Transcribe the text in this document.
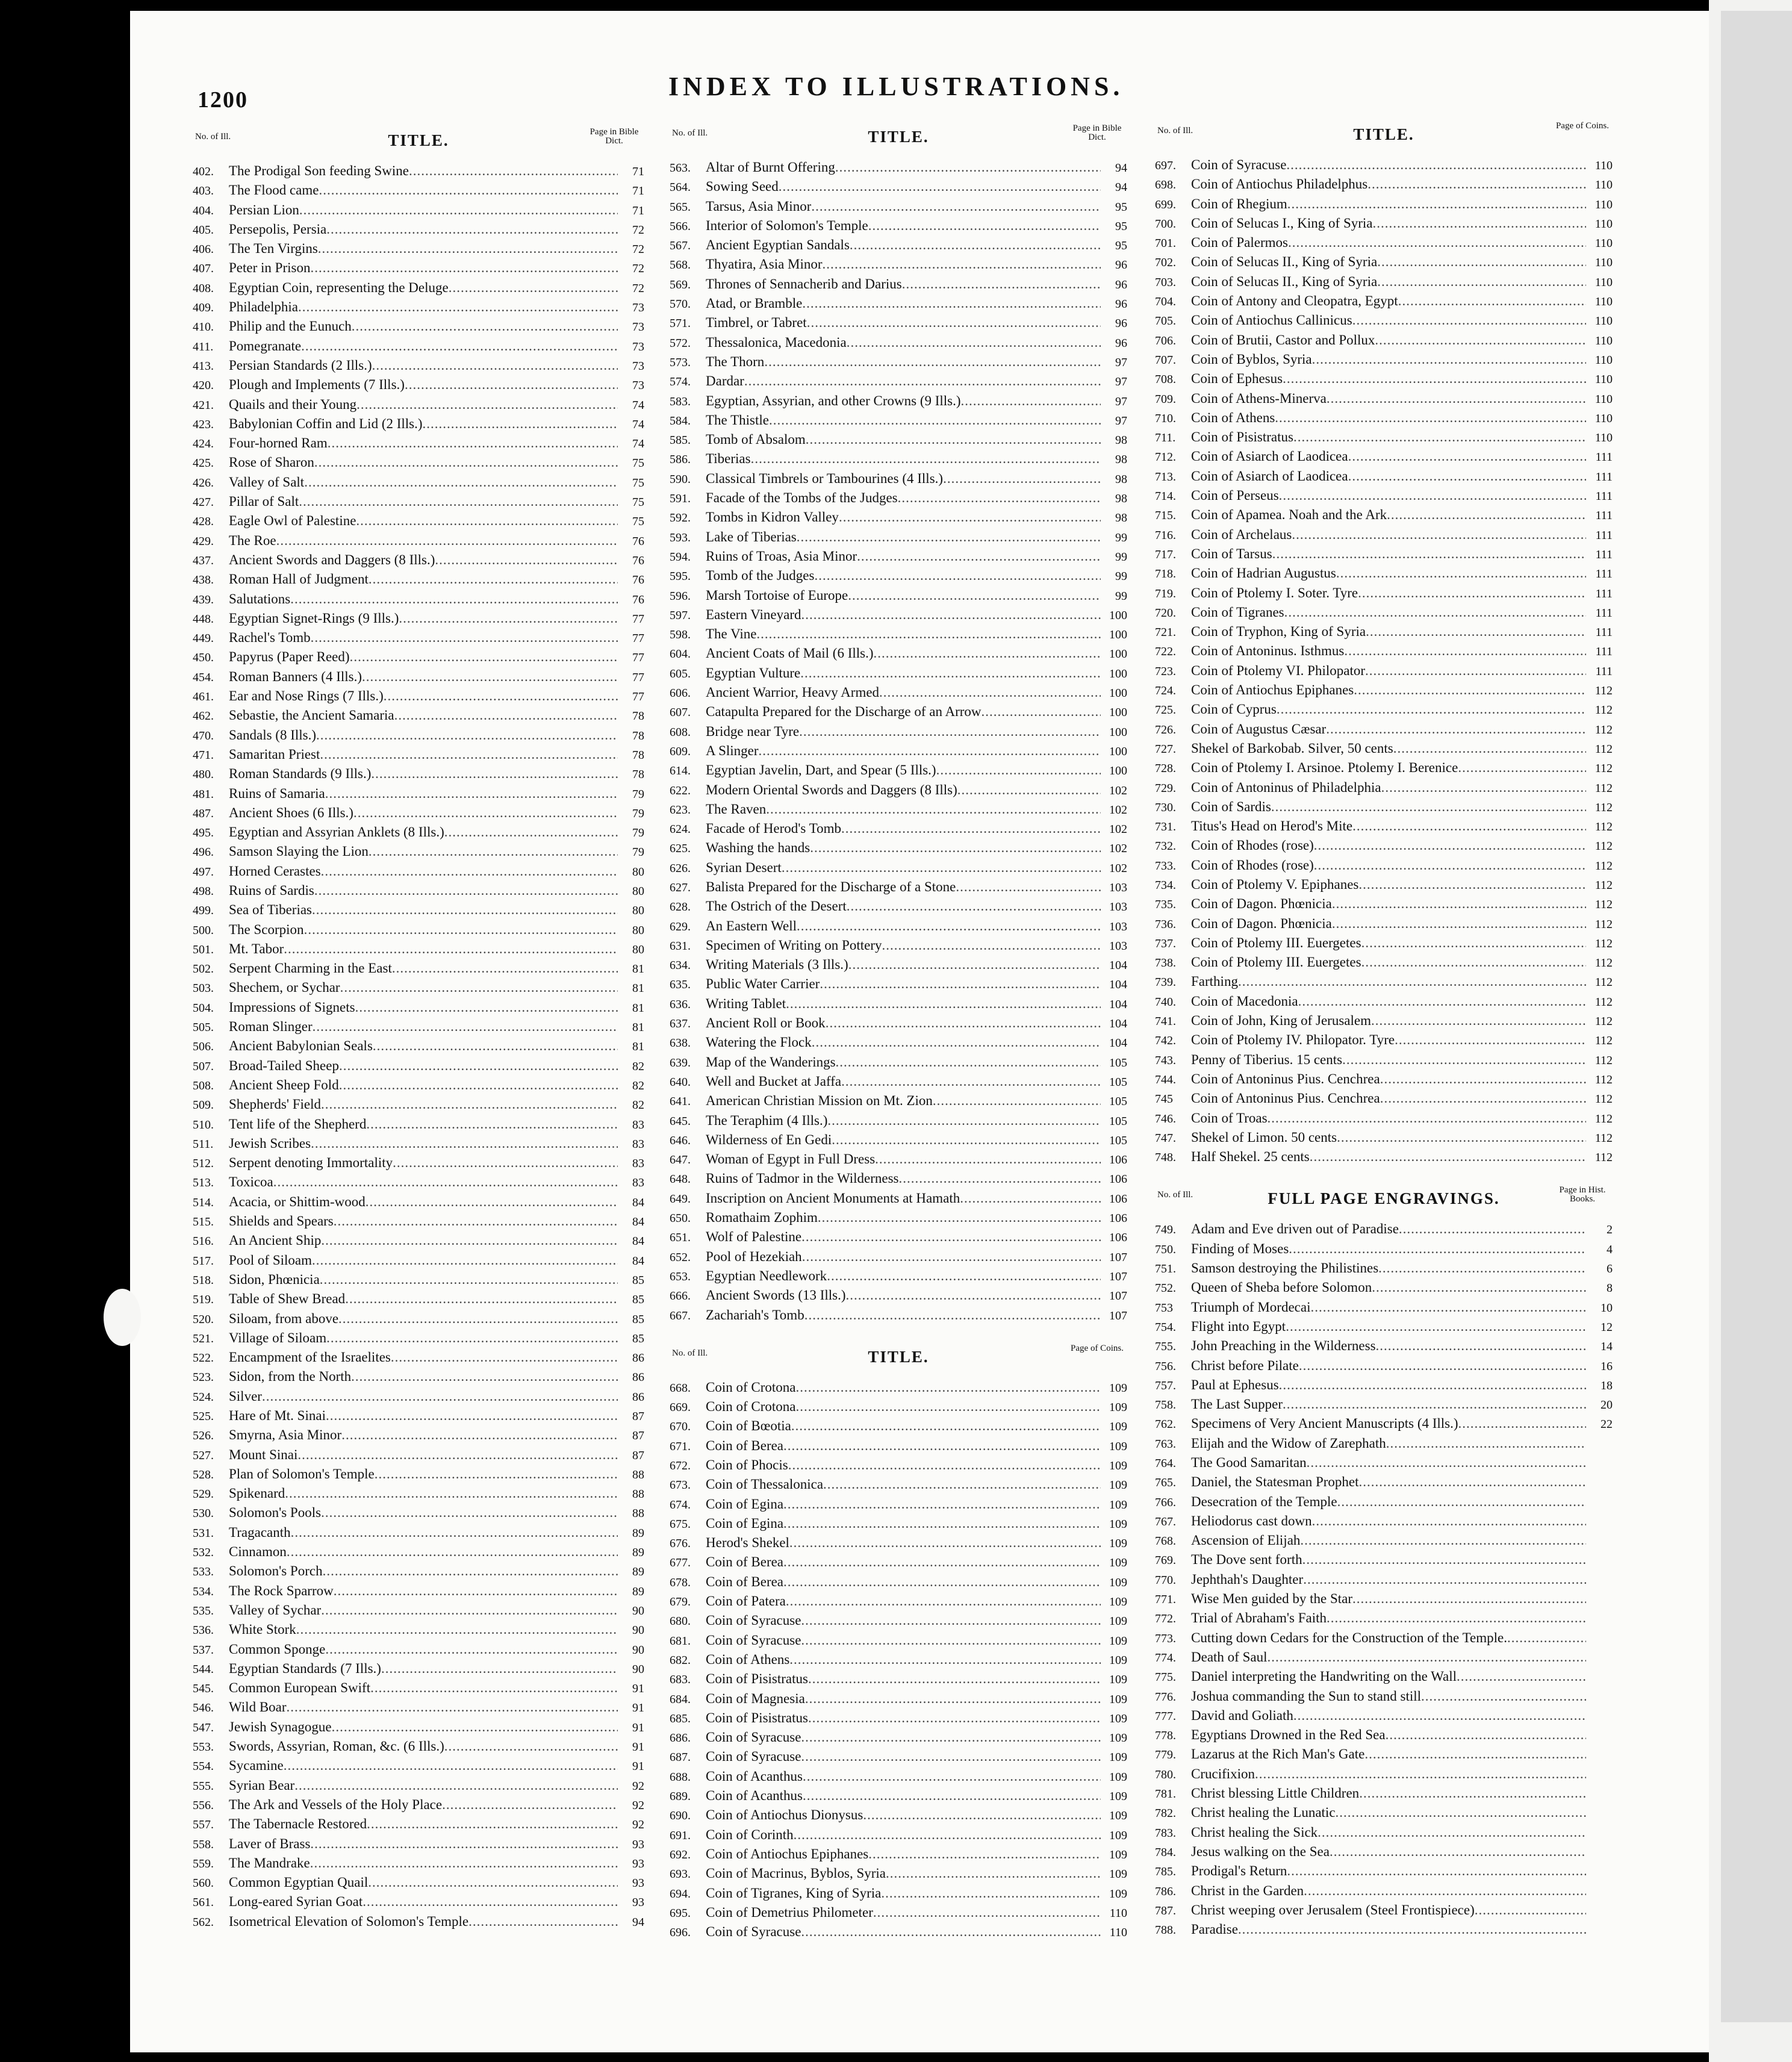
1200	INDEX TO ILLUSTRATIONS.
No. of Ill.	TITLE.	Page in Bible Dict.
402.	The Prodigal Son feeding Swine .....	71
403.	The Flood came .....	71
404.	Persian Lion .....	71
405.	Persepolis, Persia .....	72
406.	The Ten Virgins .....	72
407.	Peter in Prison .....	72
408.	Egyptian Coin, representing the Deluge .....	72
409.	Philadelphia .....	73
410.	Philip and the Eunuch .....	73
411.	Pomegranate .....	73
413.	Persian Standards (2 Ills.) .....	73
420.	Plough and Implements (7 Ills.) .....	73
421.	Quails and their Young .....	74
423.	Babylonian Coffin and Lid (2 Ills.) .....	74
424.	Four-horned Ram .....	74
425.	Rose of Sharon .....	75
426.	Valley of Salt .....	75
427.	Pillar of Salt .....	75
428.	Eagle Owl of Palestine .....	75
429.	The Roe .....	76
437.	Ancient Swords and Daggers (8 Ills.) .....	76
438.	Roman Hall of Judgment .....	76
439.	Salutations .....	76
448.	Egyptian Signet-Rings (9 Ills.) .....	77
449.	Rachel's Tomb .....	77
450.	Papyrus (Paper Reed) .....	77
454.	Roman Banners (4 Ills.) .....	77
461.	Ear and Nose Rings (7 Ills.) .....	77
462.	Sebastie, the Ancient Samaria .....	78
470.	Sandals (8 Ills.) .....	78
471.	Samaritan Priest .....	78
480.	Roman Standards (9 Ills.) .....	78
481.	Ruins of Samaria .....	79
487.	Ancient Shoes (6 Ills.) .....	79
495.	Egyptian and Assyrian Anklets (8 Ills.) .....	79
496.	Samson Slaying the Lion .....	79
497.	Horned Cerastes .....	80
498.	Ruins of Sardis .....	80
499.	Sea of Tiberias .....	80
500.	The Scorpion .....	80
501.	Mt. Tabor .....	80
502.	Serpent Charming in the East .....	81
503.	Shechem, or Sychar .....	81
504.	Impressions of Signets .....	81
505.	Roman Slinger .....	81
506.	Ancient Babylonian Seals .....	81
507.	Broad-Tailed Sheep .....	82
508.	Ancient Sheep Fold .....	82
509.	Shepherds' Field .....	82
510.	Tent life of the Shepherd .....	83
511.	Jewish Scribes .....	83
512.	Serpent denoting Immortality .....	83
513.	Toxicoa .....	83
514.	Acacia, or Shittim-wood .....	84
515.	Shields and Spears .....	84
516.	An Ancient Ship .....	84
517.	Pool of Siloam .....	84
518.	Sidon, Phœnicia .....	85
519.	Table of Shew Bread .....	85
520.	Siloam, from above .....	85
521.	Village of Siloam .....	85
522.	Encampment of the Israelites .....	86
523.	Sidon, from the North .....	86
524.	Silver .....	86
525.	Hare of Mt. Sinai .....	87
526.	Smyrna, Asia Minor .....	87
527.	Mount Sinai .....	87
528.	Plan of Solomon's Temple .....	88
529.	Spikenard .....	88
530.	Solomon's Pools .....	88
531.	Tragacanth .....	89
532.	Cinnamon .....	89
533.	Solomon's Porch .....	89
534.	The Rock Sparrow .....	89
535.	Valley of Sychar .....	90
536.	White Stork .....	90
537.	Common Sponge .....	90
544.	Egyptian Standards (7 Ills.) .....	90
545.	Common European Swift .....	91
546.	Wild Boar .....	91
547.	Jewish Synagogue .....	91
553.	Swords, Assyrian, Roman, &c. (6 Ills.) .....	91
554.	Sycamine .....	91
555.	Syrian Bear .....	92
556.	The Ark and Vessels of the Holy Place .....	92
557.	The Tabernacle Restored .....	92
558.	Laver of Brass .....	93
559.	The Mandrake .....	93
560.	Common Egyptian Quail .....	93
561.	Long-eared Syrian Goat .....	93
562.	Isometrical Elevation of Solomon's Temple .....	94
No. of Ill.	TITLE.	Page in Bible Dict.
563.	Altar of Burnt Offering .....	94
564.	Sowing Seed .....	94
565.	Tarsus, Asia Minor .....	95
566.	Interior of Solomon's Temple .....	95
567.	Ancient Egyptian Sandals .....	95
568.	Thyatira, Asia Minor .....	96
569.	Thrones of Sennacherib and Darius .....	96
570.	Atad, or Bramble .....	96
571.	Timbrel, or Tabret .....	96
572.	Thessalonica, Macedonia .....	96
573.	The Thorn .....	97
574.	Dardar .....	97
583.	Egyptian, Assyrian, and other Crowns (9 Ills.) .....	97
584.	The Thistle .....	97
585.	Tomb of Absalom .....	98
586.	Tiberias .....	98
590.	Classical Timbrels or Tambourines (4 Ills.) .....	98
591.	Facade of the Tombs of the Judges .....	98
592.	Tombs in Kidron Valley .....	98
593.	Lake of Tiberias .....	99
594.	Ruins of Troas, Asia Minor .....	99
595.	Tomb of the Judges .....	99
596.	Marsh Tortoise of Europe .....	99
597.	Eastern Vineyard .....	100
598.	The Vine .....	100
604.	Ancient Coats of Mail (6 Ills.) .....	100
605.	Egyptian Vulture .....	100
606.	Ancient Warrior, Heavy Armed .....	100
607.	Catapulta Prepared for the Discharge of an Arrow .....	100
608.	Bridge near Tyre .....	100
609.	A Slinger .....	100
614.	Egyptian Javelin, Dart, and Spear (5 Ills.) .....	100
622.	Modern Oriental Swords and Daggers (8 Ills) .....	102
623.	The Raven .....	102
624.	Facade of Herod's Tomb .....	102
625.	Washing the hands .....	102
626.	Syrian Desert .....	102
627.	Balista Prepared for the Discharge of a Stone .....	103
628.	The Ostrich of the Desert .....	103
629.	An Eastern Well .....	103
631.	Specimen of Writing on Pottery .....	103
634.	Writing Materials (3 Ills.) .....	104
635.	Public Water Carrier .....	104
636.	Writing Tablet .....	104
637.	Ancient Roll or Book .....	104
638.	Watering the Flock .....	104
639.	Map of the Wanderings .....	105
640.	Well and Bucket at Jaffa .....	105
641.	American Christian Mission on Mt. Zion .....	105
645.	The Teraphim (4 Ills.) .....	105
646.	Wilderness of En Gedi .....	105
647.	Woman of Egypt in Full Dress .....	106
648.	Ruins of Tadmor in the Wilderness .....	106
649.	Inscription on Ancient Monuments at Hamath .....	106
650.	Romathaim Zophim .....	106
651.	Wolf of Palestine .....	106
652.	Pool of Hezekiah .....	107
653.	Egyptian Needlework .....	107
666.	Ancient Swords (13 Ills.) .....	107
667.	Zachariah's Tomb .....	107
No. of Ill.	TITLE.	Page of Coins.
668.	Coin of Crotona .....	109
669.	Coin of Crotona .....	109
670.	Coin of Bœotia .....	109
671.	Coin of Berea .....	109
672.	Coin of Phocis .....	109
673.	Coin of Thessalonica .....	109
674.	Coin of Egina .....	109
675.	Coin of Egina .....	109
676.	Herod's Shekel .....	109
677.	Coin of Berea .....	109
678.	Coin of Berea .....	109
679.	Coin of Patera .....	109
680.	Coin of Syracuse .....	109
681.	Coin of Syracuse .....	109
682.	Coin of Athens .....	109
683.	Coin of Pisistratus .....	109
684.	Coin of Magnesia .....	109
685.	Coin of Pisistratus .....	109
686.	Coin of Syracuse .....	109
687.	Coin of Syracuse .....	109
688.	Coin of Acanthus .....	109
689.	Coin of Acanthus .....	109
690.	Coin of Antiochus Dionysus .....	109
691.	Coin of Corinth .....	109
692.	Coin of Antiochus Epiphanes .....	109
693.	Coin of Macrinus, Byblos, Syria .....	109
694.	Coin of Tigranes, King of Syria .....	109
695.	Coin of Demetrius Philometer .....	110
696.	Coin of Syracuse .....	110
No. of Ill.	TITLE.	Page of Coins.
697.	Coin of Syracuse .....	110
698.	Coin of Antiochus Philadelphus .....	110
699.	Coin of Rhegium .....	110
700.	Coin of Selucas I., King of Syria .....	110
701.	Coin of Palermos .....	110
702.	Coin of Selucas II., King of Syria .....	110
703.	Coin of Selucas II., King of Syria .....	110
704.	Coin of Antony and Cleopatra, Egypt .....	110
705.	Coin of Antiochus Callinicus .....	110
706.	Coin of Brutii, Castor and Pollux .....	110
707.	Coin of Byblos, Syria .....	110
708.	Coin of Ephesus .....	110
709.	Coin of Athens-Minerva .....	110
710.	Coin of Athens .....	110
711.	Coin of Pisistratus .....	110
712.	Coin of Asiarch of Laodicea .....	111
713.	Coin of Asiarch of Laodicea .....	111
714.	Coin of Perseus .....	111
715.	Coin of Apamea. Noah and the Ark .....	111
716.	Coin of Archelaus .....	111
717.	Coin of Tarsus .....	111
718.	Coin of Hadrian Augustus .....	111
719.	Coin of Ptolemy I. Soter. Tyre .....	111
720.	Coin of Tigranes .....	111
721.	Coin of Tryphon, King of Syria .....	111
722.	Coin of Antoninus. Isthmus .....	111
723.	Coin of Ptolemy VI. Philopator .....	111
724.	Coin of Antiochus Epiphanes .....	112
725.	Coin of Cyprus .....	112
726.	Coin of Augustus Cæsar .....	112
727.	Shekel of Barkobab. Silver, 50 cents .....	112
728.	Coin of Ptolemy I. Arsinoe. Ptolemy I. Berenice .....	112
729.	Coin of Antoninus of Philadelphia .....	112
730.	Coin of Sardis .....	112
731.	Titus's Head on Herod's Mite .....	112
732.	Coin of Rhodes (rose) .....	112
733.	Coin of Rhodes (rose) .....	112
734.	Coin of Ptolemy V. Epiphanes .....	112
735.	Coin of Dagon. Phœnicia .....	112
736.	Coin of Dagon. Phœnicia .....	112
737.	Coin of Ptolemy III. Euergetes .....	112
738.	Coin of Ptolemy III. Euergetes .....	112
739.	Farthing .....	112
740.	Coin of Macedonia .....	112
741.	Coin of John, King of Jerusalem .....	112
742.	Coin of Ptolemy IV. Philopator. Tyre .....	112
743.	Penny of Tiberius. 15 cents .....	112
744.	Coin of Antoninus Pius. Cenchrea .....	112
745	Coin of Antoninus Pius. Cenchrea .....	112
746.	Coin of Troas .....	112
747.	Shekel of Limon. 50 cents .....	112
748.	Half Shekel. 25 cents .....	112
No. of Ill.	FULL PAGE ENGRAVINGS.	Page in Hist. Books.
749.	Adam and Eve driven out of Paradise .....	2
750.	Finding of Moses .....	4
751.	Samson destroying the Philistines .....	6
752.	Queen of Sheba before Solomon .....	8
753	Triumph of Mordecai .....	10
754.	Flight into Egypt .....	12
755.	John Preaching in the Wilderness .....	14
756.	Christ before Pilate .....	16
757.	Paul at Ephesus .....	18
758.	The Last Supper .....	20
762.	Specimens of Very Ancient Manuscripts (4 Ills.) .....	22
763.	Elijah and the Widow of Zarephath
.....
764.	The Good Samaritan
.....
765.	Daniel, the Statesman Prophet
.....
766.	Desecration of the Temple
.....
767.	Heliodorus cast down
.....
768.	Ascension of Elijah
.....
769.	The Dove sent forth
.....
770.	Jephthah's Daughter
.....
771.	Wise Men guided by the Star
.....
772.	Trial of Abraham's Faith
.....
773.	Cutting down Cedars for the Construction of the Temple.
.....
774.	Death of Saul
.....
775.	Daniel interpreting the Handwriting on the Wall
.....
776.	Joshua commanding the Sun to stand still
.....
777.	David and Goliath
.....
778.	Egyptians Drowned in the Red Sea
.....
779.	Lazarus at the Rich Man's Gate
.....
780.	Crucifixion
.....
781.	Christ blessing Little Children
.....
782.	Christ healing the Lunatic
.....
783.	Christ healing the Sick
.....
784.	Jesus walking on the Sea
.....
785.	Prodigal's Return
.....
786.	Christ in the Garden
.....
787.	Christ weeping over Jerusalem (Steel Frontispiece)
.....
788.	Paradise
.....
